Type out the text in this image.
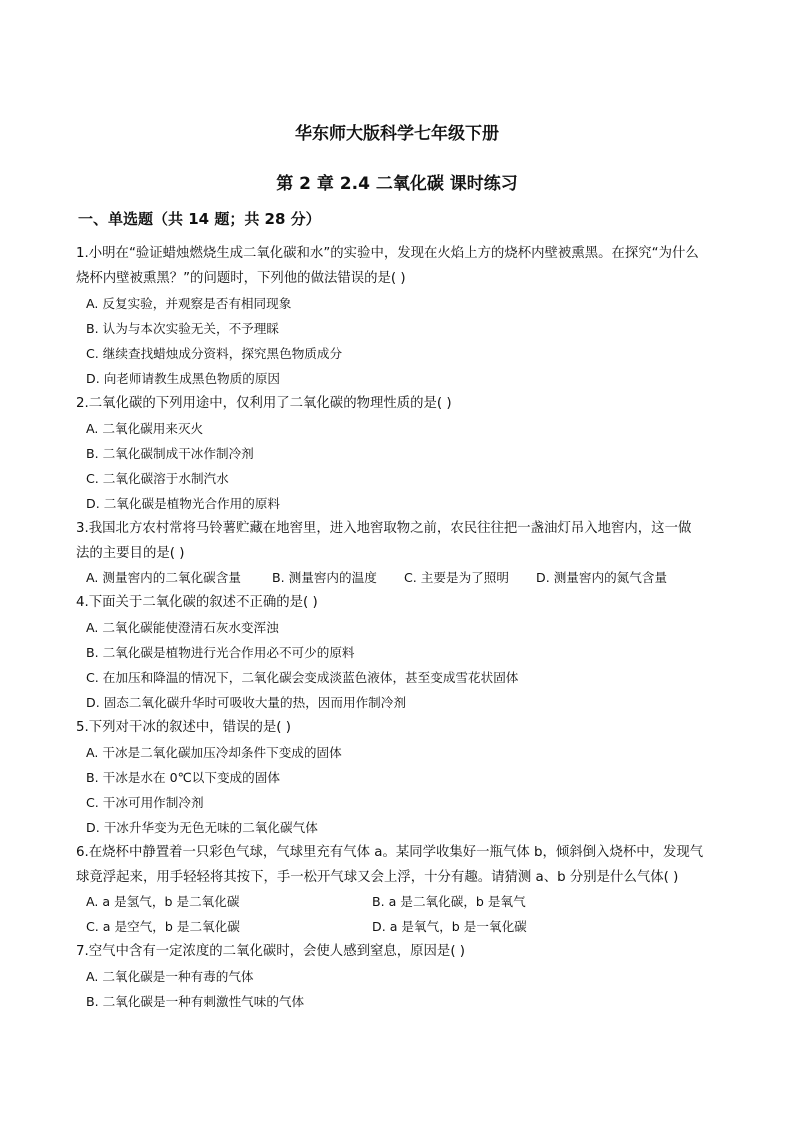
华东师大版科学七年级下册
第 2 章 2.4 二氧化碳 课时练习
一、单选题（共 14 题；共 28 分）
1.小明在“验证蜡烛燃烧生成二氧化碳和水”的实验中，发现在火焰上方的烧杯内壁被熏黑。在探究“为什么
烧杯内壁被熏黑？”的问题时，下列他的做法错误的是( )
A. 反复实验，并观察是否有相同现象
B. 认为与本次实验无关，不予理睬
C. 继续查找蜡烛成分资料，探究黑色物质成分
D. 向老师请教生成黑色物质的原因
2.二氧化碳的下列用途中，仅利用了二氧化碳的物理性质的是( )
A. 二氧化碳用来灭火
B. 二氧化碳制成干冰作制冷剂
C. 二氧化碳溶于水制汽水
D. 二氧化碳是植物光合作用的原料
3.我国北方农村常将马铃薯贮藏在地窖里，进入地窖取物之前，农民往往把一盏油灯吊入地窖内，这一做
法的主要目的是( )
A. 测量窖内的二氧化碳含量 B. 测量窖内的温度 C. 主要是为了照明 D. 测量窖内的氮气含量
4.下面关于二氧化碳的叙述不正确的是( )
A. 二氧化碳能使澄清石灰水变浑浊
B. 二氧化碳是植物进行光合作用必不可少的原料
C. 在加压和降温的情况下，二氧化碳会变成淡蓝色液体，甚至变成雪花状固体
D. 固态二氧化碳升华时可吸收大量的热，因而用作制冷剂
5.下列对干冰的叙述中，错误的是( )
A. 干冰是二氧化碳加压冷却条件下变成的固体
B. 干冰是水在 0℃以下变成的固体
C. 干冰可用作制冷剂
D. 干冰升华变为无色无味的二氧化碳气体
6.在烧杯中静置着一只彩色气球，气球里充有气体 a。某同学收集好一瓶气体 b，倾斜倒入烧杯中，发现气
球竟浮起来，用手轻轻将其按下，手一松开气球又会上浮，十分有趣。请猜测 a、b 分别是什么气体( )
A. a 是氢气，b 是二氧化碳	B. a 是二氧化碳，b 是氧气
C. a 是空气，b 是二氧化碳	D. a 是氧气，b 是一氧化碳
7.空气中含有一定浓度的二氧化碳时，会使人感到窒息，原因是( )
A. 二氧化碳是一种有毒的气体
B. 二氧化碳是一种有刺激性气味的气体
